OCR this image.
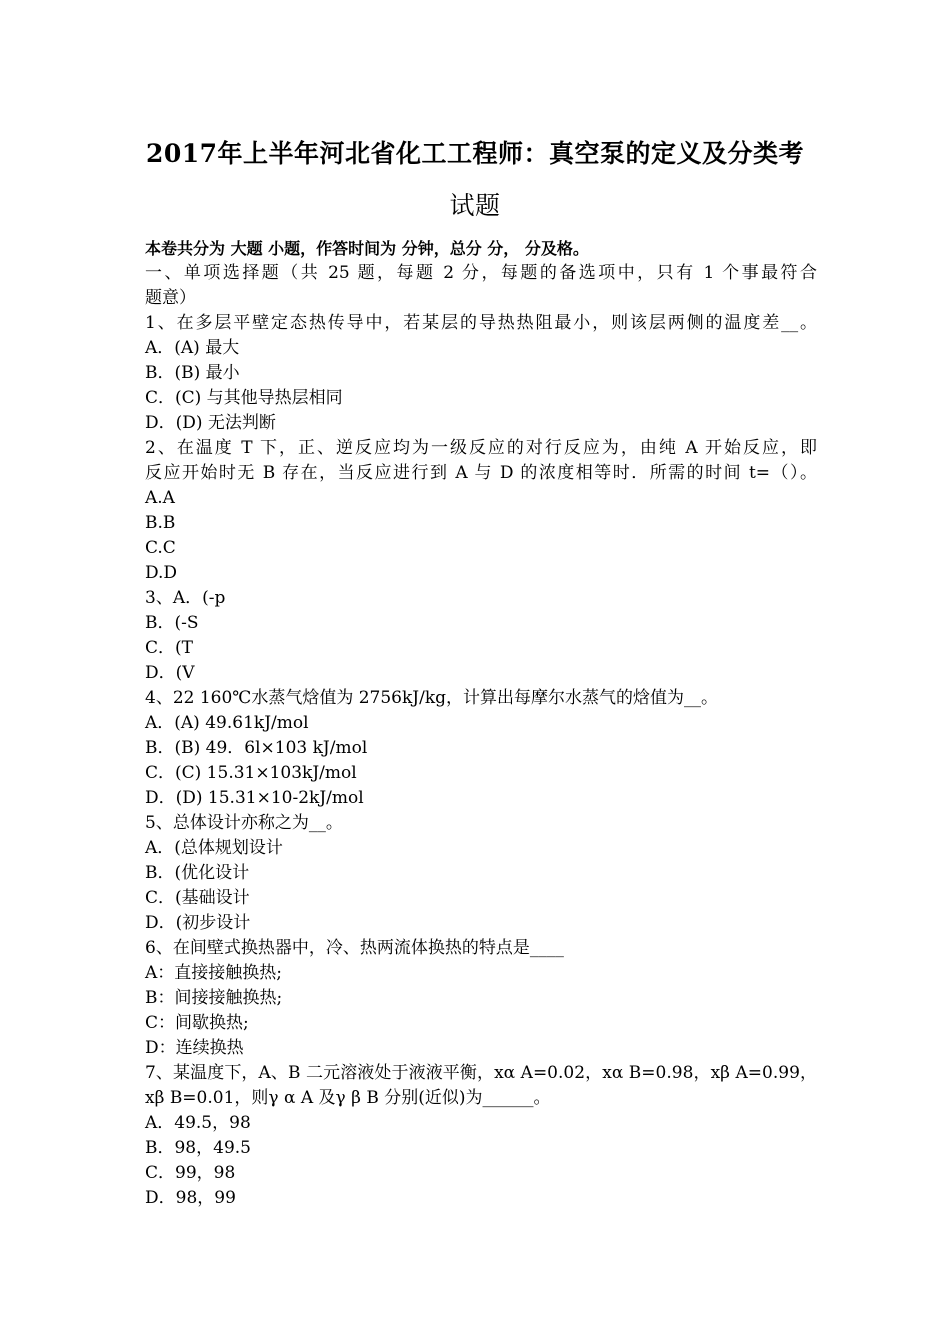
2017年上半年河北省化工工程师：真空泵的定义及分类考
试题
本卷共分为 大题 小题，作答时间为 分钟，总分 分， 分及格。
一、单项选择题（共 25 题，每题 2 分，每题的备选项中，只有 1 个事最符合
题意）
1、在多层平壁定态热传导中，若某层的导热热阻最小，则该层两侧的温度差__。
A．(A) 最大
B．(B) 最小
C．(C) 与其他导热层相同
D．(D) 无法判断
2、在温度 T 下，正、逆反应均为一级反应的对行反应为，由纯 A 开始反应，即
反应开始时无 B 存在，当反应进行到 A 与 D 的浓度相等时．所需的时间 t=（）。
A.A
B.B
C.C
D.D
3、A．(-p
B．(-S
C．(T
D．(V
4、22 160℃水蒸气焓值为 2756kJ/kg，计算出每摩尔水蒸气的焓值为__。
A．(A) 49.61kJ/mol
B．(B) 49．6l×103 kJ/mol
C．(C) 15.31×103kJ/mol
D．(D) 15.31×10-2kJ/mol
5、总体设计亦称之为__。
A．(总体规划设计
B．(优化设计
C．(基础设计
D．(初步设计
6、在间壁式换热器中，冷、热两流体换热的特点是____
A：直接接触换热;
B：间接接触换热;
C：间歇换热;
D：连续换热
7、某温度下，A、B 二元溶液处于液液平衡，xα A=0.02，xα B=0.98，xβ A=0.99，
xβ B=0.01，则γ α A 及γ β B 分别(近似)为______。
A．49.5，98
B．98，49.5
C．99，98
D．98，99
